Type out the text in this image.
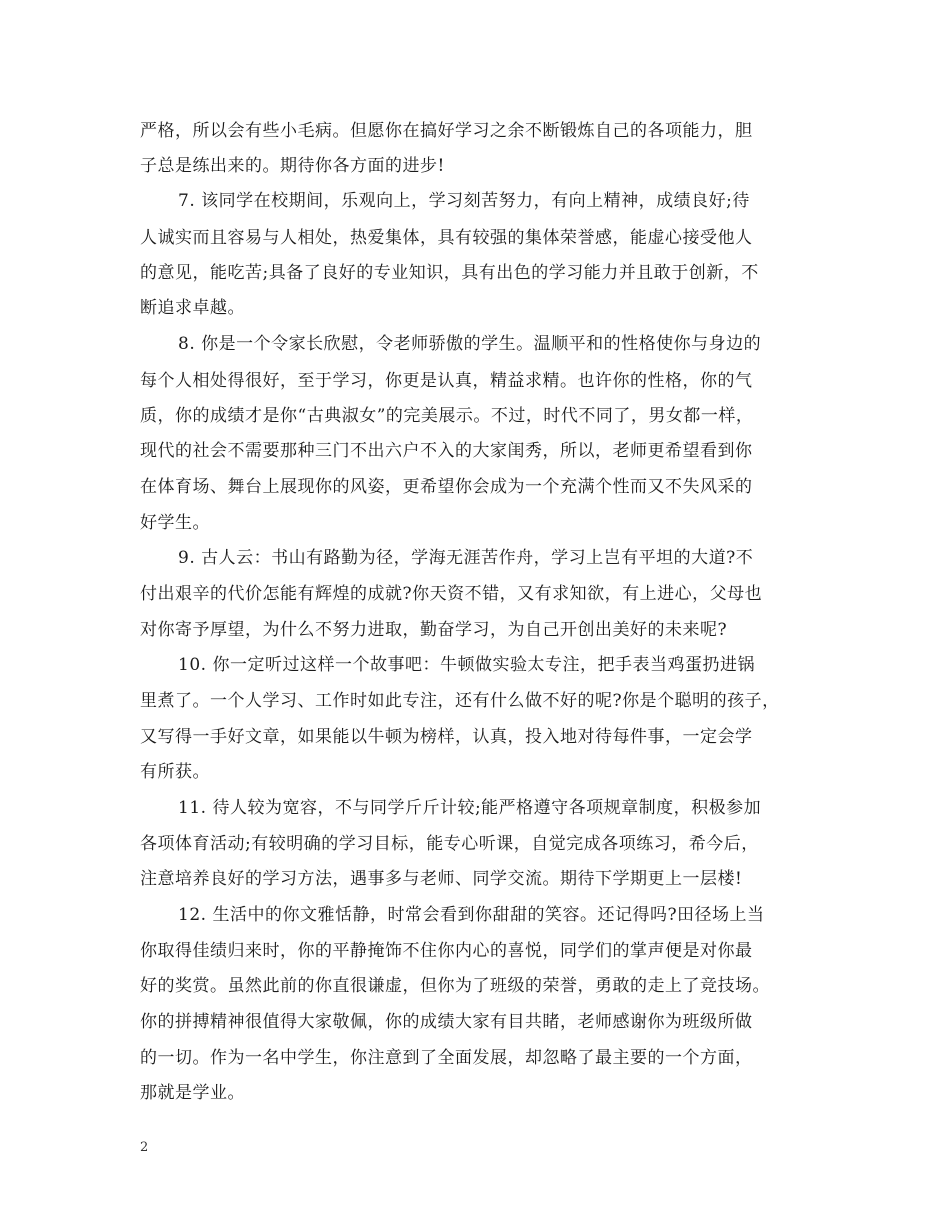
严格，所以会有些小毛病。但愿你在搞好学习之余不断锻炼自己的各项能力，胆
子总是练出来的。期待你各方面的进步!
7. 该同学在校期间，乐观向上，学习刻苦努力，有向上精神，成绩良好;待
人诚实而且容易与人相处，热爱集体，具有较强的集体荣誉感，能虚心接受他人
的意见，能吃苦;具备了良好的专业知识，具有出色的学习能力并且敢于创新，不
断追求卓越。
8. 你是一个令家长欣慰，令老师骄傲的学生。温顺平和的性格使你与身边的
每个人相处得很好，至于学习，你更是认真，精益求精。也许你的性格，你的气
质，你的成绩才是你“古典淑女”的完美展示。不过，时代不同了，男女都一样，
现代的社会不需要那种三门不出六户不入的大家闺秀，所以，老师更希望看到你
在体育场、舞台上展现你的风姿，更希望你会成为一个充满个性而又不失风采的
好学生。
9. 古人云：书山有路勤为径，学海无涯苦作舟，学习上岂有平坦的大道?不
付出艰辛的代价怎能有辉煌的成就?你天资不错，又有求知欲，有上进心，父母也
对你寄予厚望，为什么不努力进取，勤奋学习，为自己开创出美好的未来呢?
10. 你一定听过这样一个故事吧：牛顿做实验太专注，把手表当鸡蛋扔进锅
里煮了。一个人学习、工作时如此专注，还有什么做不好的呢?你是个聪明的孩子，
又写得一手好文章，如果能以牛顿为榜样，认真，投入地对待每件事，一定会学
有所获。
11. 待人较为宽容，不与同学斤斤计较;能严格遵守各项规章制度，积极参加
各项体育活动;有较明确的学习目标，能专心听课，自觉完成各项练习，希今后，
注意培养良好的学习方法，遇事多与老师、同学交流。期待下学期更上一层楼!
12. 生活中的你文雅恬静，时常会看到你甜甜的笑容。还记得吗?田径场上当
你取得佳绩归来时，你的平静掩饰不住你内心的喜悦，同学们的掌声便是对你最
好的奖赏。虽然此前的你直很谦虚，但你为了班级的荣誉，勇敢的走上了竞技场。
你的拼搏精神很值得大家敬佩，你的成绩大家有目共睹，老师感谢你为班级所做
的一切。作为一名中学生，你注意到了全面发展，却忽略了最主要的一个方面，
那就是学业。
2
